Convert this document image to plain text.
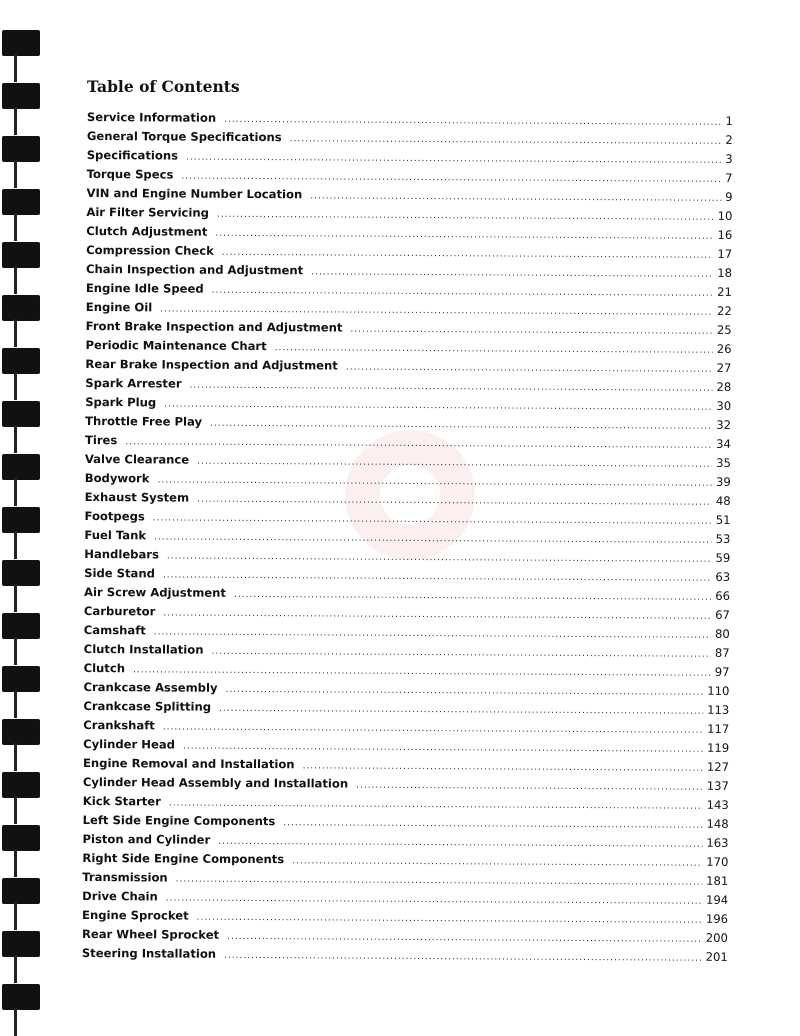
Table of Contents
Service Information .....	1
General Torque Specifications .....	2
Specifications .....	3
Torque Specs .....	7
VIN and Engine Number Location .....	9
Air Filter Servicing .....	10
Clutch Adjustment .....	16
Compression Check .....	17
Chain Inspection and Adjustment .....	18
Engine Idle Speed .....	21
Engine Oil .....	22
Front Brake Inspection and Adjustment .....	25
Periodic Maintenance Chart .....	26
Rear Brake Inspection and Adjustment .....	27
Spark Arrester .....	28
Spark Plug .....	30
Throttle Free Play .....	32
Tires .....	34
Valve Clearance .....	35
Bodywork .....	39
Exhaust System .....	48
Footpegs .....	51
Fuel Tank .....	53
Handlebars .....	59
Side Stand .....	63
Air Screw Adjustment .....	66
Carburetor .....	67
Camshaft .....	80
Clutch Installation .....	87
Clutch .....	97
Crankcase Assembly .....	110
Crankcase Splitting .....	113
Crankshaft .....	117
Cylinder Head .....	119
Engine Removal and Installation .....	127
Cylinder Head Assembly and Installation .....	137
Kick Starter .....	143
Left Side Engine Components .....	148
Piston and Cylinder .....	163
Right Side Engine Components .....	170
Transmission .....	181
Drive Chain .....	194
Engine Sprocket .....	196
Rear Wheel Sprocket .....	200
Steering Installation .....	201
